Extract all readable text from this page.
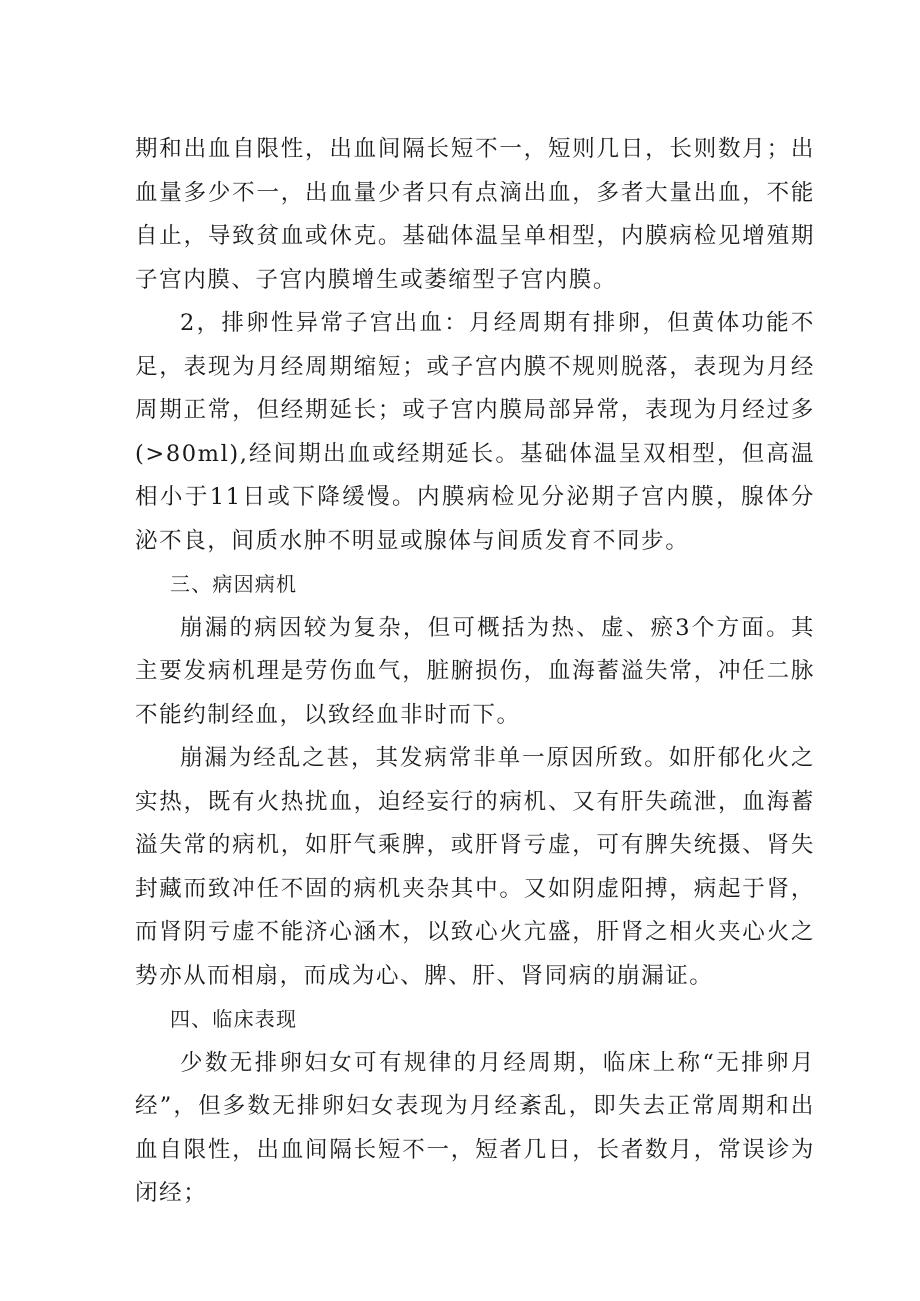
期和出血自限性，出血间隔长短不一，短则几日，长则数月；出血量多少不一，出血量少者只有点滴出血，多者大量出血，不能自止，导致贫血或休克。基础体温呈单相型，内膜病检见增殖期子宫内膜、子宫内膜增生或萎缩型子宫内膜。

2，排卵性异常子宫出血：月经周期有排卵，但黄体功能不足，表现为月经周期缩短；或子宫内膜不规则脱落，表现为月经周期正常，但经期延长；或子宫内膜局部异常，表现为月经过多(>80ml),经间期出血或经期延长。基础体温呈双相型，但高温相小于11日或下降缓慢。内膜病检见分泌期子宫内膜，腺体分泌不良，间质水肿不明显或腺体与间质发育不同步。

三、病因病机

崩漏的病因较为复杂，但可概括为热、虚、瘀3个方面。其主要发病机理是劳伤血气，脏腑损伤，血海蓄溢失常，冲任二脉不能约制经血，以致经血非时而下。

崩漏为经乱之甚，其发病常非单一原因所致。如肝郁化火之实热，既有火热扰血，迫经妄行的病机、又有肝失疏泄，血海蓄溢失常的病机，如肝气乘脾，或肝肾亏虚，可有脾失统摄、肾失封藏而致冲任不固的病机夹杂其中。又如阴虚阳搏，病起于肾，而肾阴亏虚不能济心涵木，以致心火亢盛，肝肾之相火夹心火之势亦从而相扇，而成为心、脾、肝、肾同病的崩漏证。

四、临床表现

少数无排卵妇女可有规律的月经周期，临床上称“无排卵月经”，但多数无排卵妇女表现为月经紊乱，即失去正常周期和出血自限性，出血间隔长短不一，短者几日，长者数月，常误诊为闭经；
